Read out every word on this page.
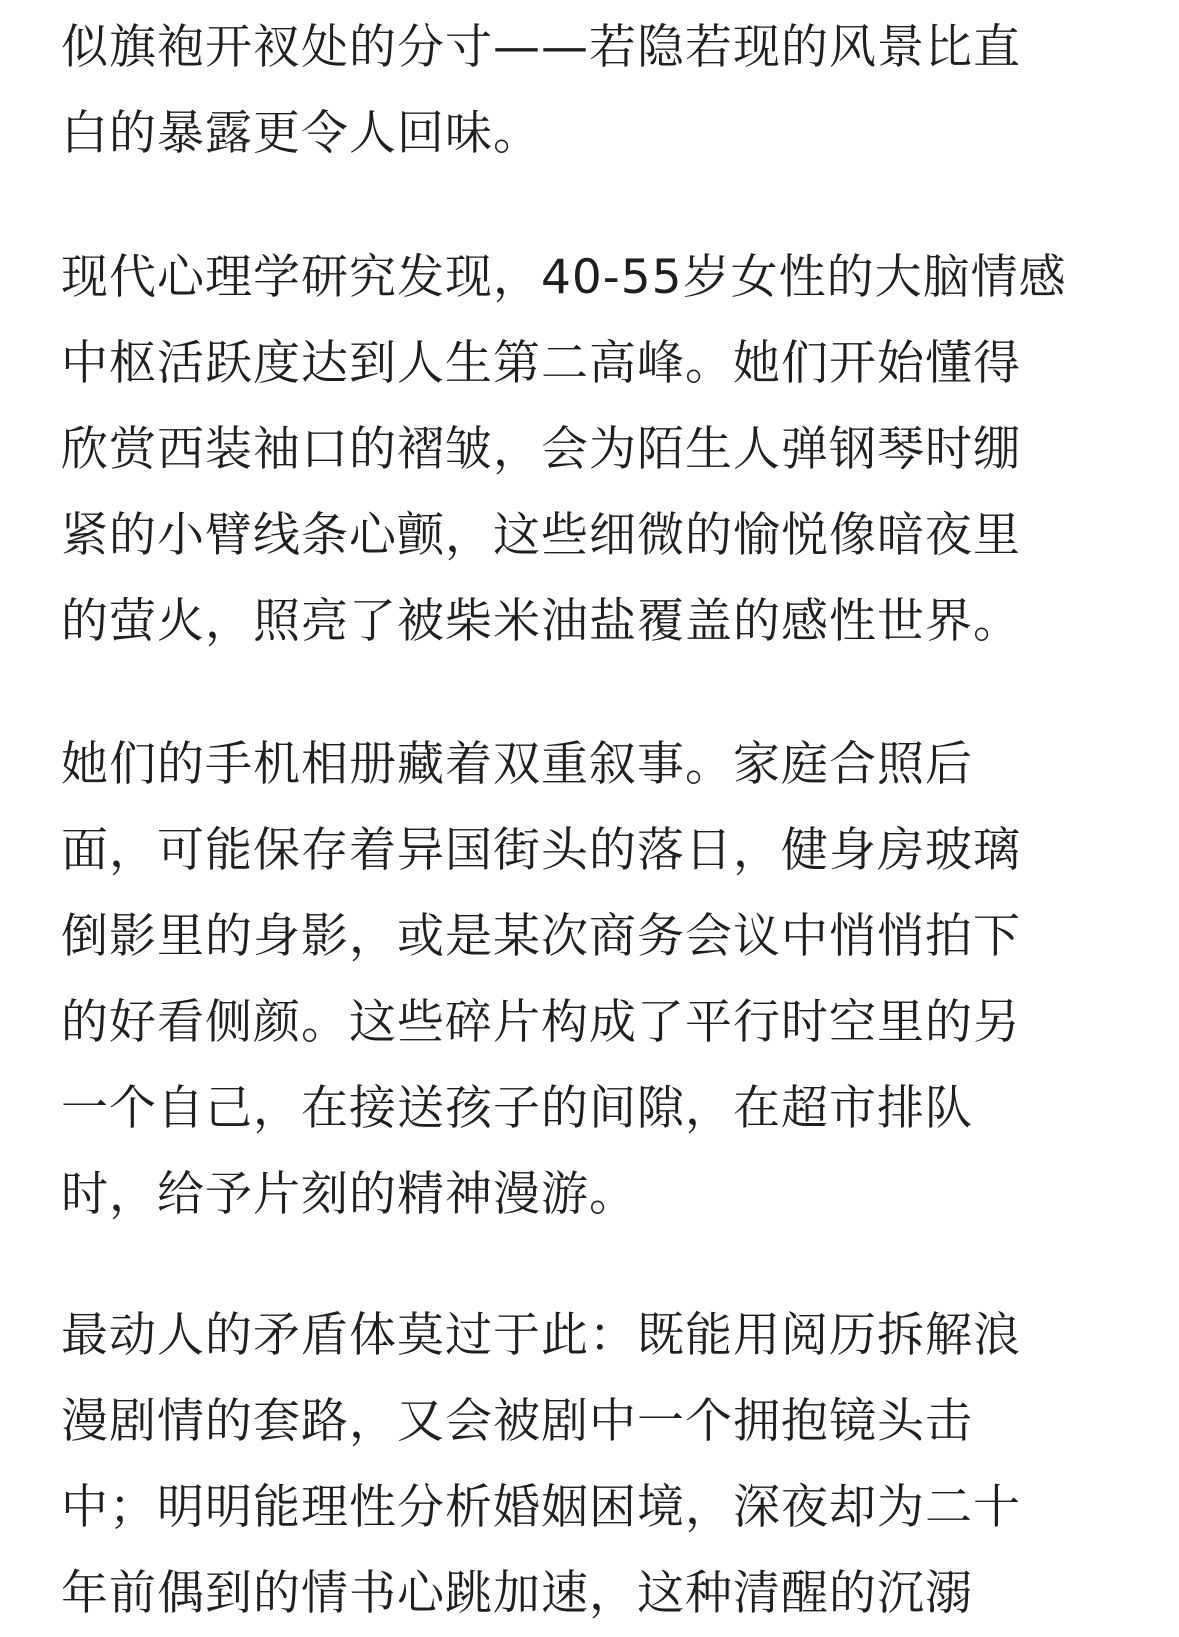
似旗袍开衩处的分寸——若隐若现的风景比直
白的暴露更令人回味。
现代心理学研究发现，40-55岁女性的大脑情感
中枢活跃度达到人生第二高峰。她们开始懂得
欣赏西装袖口的褶皱，会为陌生人弹钢琴时绷
紧的小臂线条心颤，这些细微的愉悦像暗夜里
的萤火，照亮了被柴米油盐覆盖的感性世界。
她们的手机相册藏着双重叙事。家庭合照后
面，可能保存着异国街头的落日，健身房玻璃
倒影里的身影，或是某次商务会议中悄悄拍下
的好看侧颜。这些碎片构成了平行时空里的另
一个自己，在接送孩子的间隙，在超市排队
时，给予片刻的精神漫游。
最动人的矛盾体莫过于此：既能用阅历拆解浪
漫剧情的套路，又会被剧中一个拥抱镜头击
中；明明能理性分析婚姻困境，深夜却为二十
年前偶到的情书心跳加速，这种清醒的沉溺
